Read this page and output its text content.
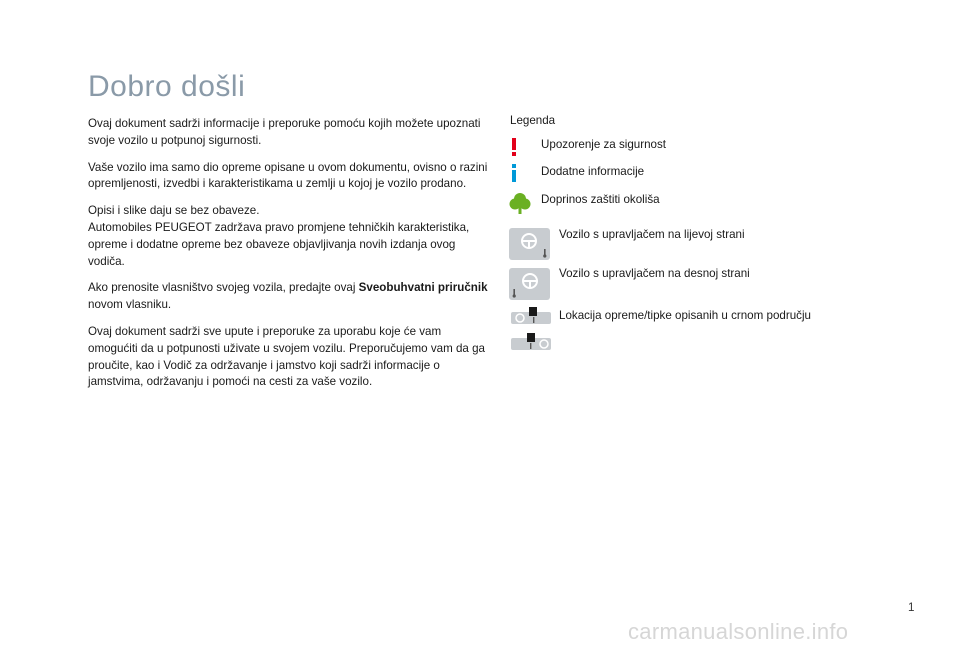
Dobro došli

Ovaj dokument sadrži informacije i preporuke pomoću kojih možete upoznati svoje vozilo u potpunoj sigurnosti.

Vaše vozilo ima samo dio opreme opisane u ovom dokumentu, ovisno o razini opremljenosti, izvedbi i karakteristikama u zemlji u kojoj je vozilo prodano.

Opisi i slike daju se bez obaveze.
Automobiles PEUGEOT zadržava pravo promjene tehničkih karakteristika, opreme i dodatne opreme bez obaveze objavljivanja novih izdanja ovog vodiča.

Ako prenosite vlasništvo svojeg vozila, predajte ovaj Sveobuhvatni priručnik novom vlasniku.

Ovaj dokument sadrži sve upute i preporuke za uporabu koje će vam omogućiti da u potpunosti uživate u svojem vozilu. Preporučujemo vam da ga proučite, kao i Vodič za održavanje i jamstvo koji sadrži informacije o jamstvima, održavanju i pomoći na cesti za vaše vozilo.

Legenda

Upozorenje za sigurnost
Dodatne informacije
Doprinos zaštiti okoliša
Vozilo s upravljačem na lijevoj strani
Vozilo s upravljačem na desnoj strani
Lokacija opreme/tipke opisanih u crnom području
1
carmanualsonline.info
